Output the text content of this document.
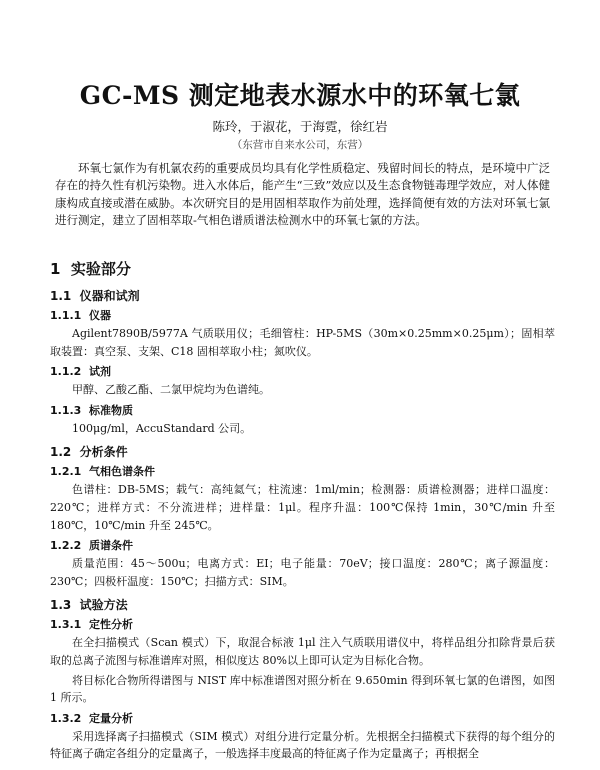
GC-MS 测定地表水源水中的环氧七氯
陈玲，于淑花，于海霓，徐红岩
（东营市自来水公司，东营）

环氧七氯作为有机氯农药的重要成员均具有化学性质稳定、残留时间长的特点，是环境中广泛存在的持久性有机污染物。进入水体后，能产生“三致”效应以及生态食物链毒理学效应，对人体健康构成直接或潜在威胁。本次研究目的是用固相萃取作为前处理，选择简便有效的方法对环氧七氯进行测定，建立了固相萃取-气相色谱质谱法检测水中的环氧七氯的方法。

1 实验部分
1.1 仪器和试剂
1.1.1 仪器

Agilent7890B/5977A 气质联用仪；毛细管柱：HP-5MS（30m×0.25mm×0.25μm）；固相萃取装置：真空泵、支架、C18 固相萃取小柱；氮吹仪。

1.1.2 试剂

甲醇、乙酸乙酯、二氯甲烷均为色谱纯。

1.1.3 标准物质

100μg/ml，AccuStandard 公司。

1.2 分析条件
1.2.1 气相色谱条件

色谱柱：DB-5MS；载气：高纯氦气；柱流速：1ml/min；检测器：质谱检测器；进样口温度：220℃；进样方式：不分流进样；进样量：1μl。程序升温：100℃保持 1min，30℃/min 升至 180℃，10℃/min 升至 245℃。

1.2.2 质谱条件

质量范围：45～500u；电离方式：EI；电子能量：70eV；接口温度：280℃；离子源温度：230℃；四极杆温度：150℃；扫描方式：SIM。

1.3 试验方法
1.3.1 定性分析

在全扫描模式（Scan 模式）下，取混合标液 1μl 注入气质联用谱仪中，将样品组分扣除背景后获取的总离子流图与标准谱库对照，相似度达 80%以上即可认定为目标化合物。

将目标化合物所得谱图与 NIST 库中标准谱图对照分析在 9.650min 得到环氧七氯的色谱图，如图 1 所示。

1.3.2 定量分析

采用选择离子扫描模式（SIM 模式）对组分进行定量分析。先根据全扫描模式下获得的每个组分的特征离子确定各组分的定量离子，一般选择丰度最高的特征离子作为定量离子；再根据全
